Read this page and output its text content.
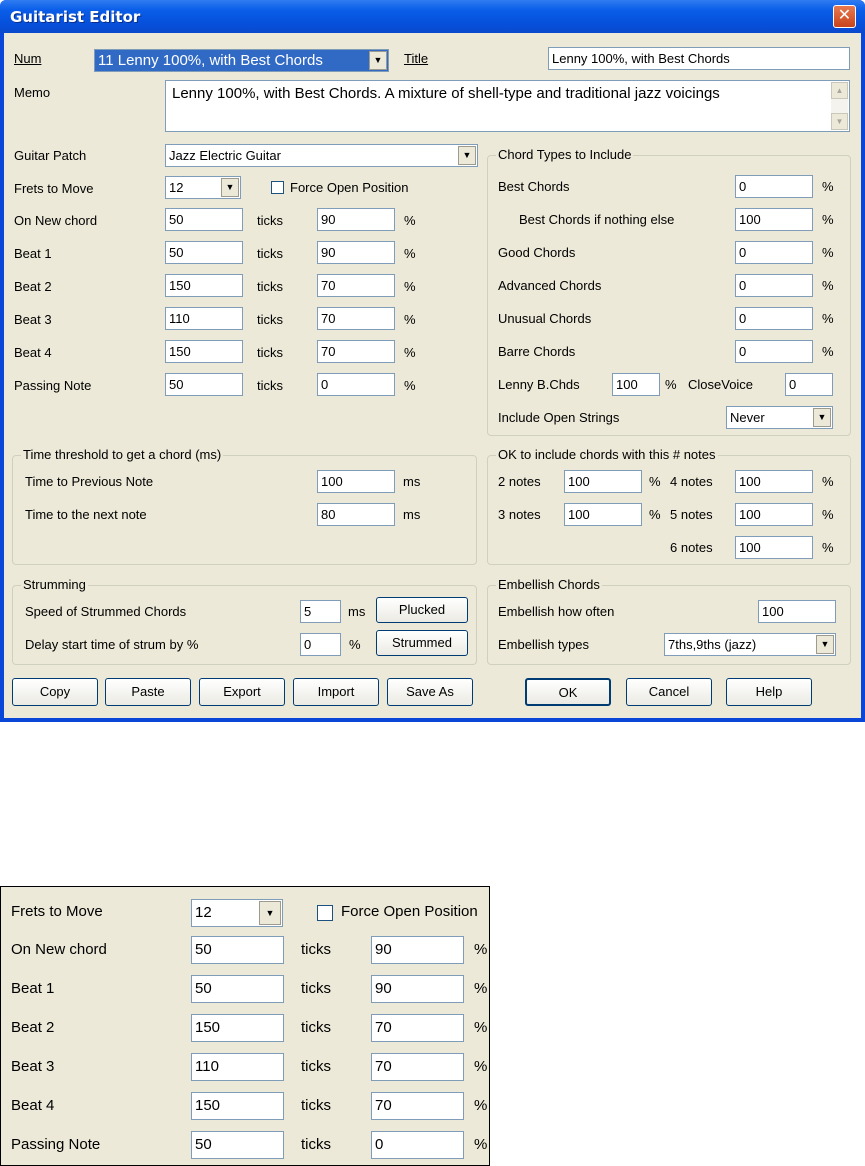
Guitarist Editor	✕
Num	11 Lenny 100%, with Best Chords	▼	Title	Lenny 100%, with Best Chords
Memo	Lenny 100%, with Best Chords. A mixture of shell-type and traditional jazz voicings	▲
▼
Guitar Patch	Jazz Electric Guitar	▼
Frets to Move	12	▼	Force Open Position
On New chord	50	ticks	90	%
Beat 1	50	ticks	90	%
Beat 2	150	ticks	70	%
Beat 3	110	ticks	70	%
Beat 4	150	ticks	70	%
Passing Note	50	ticks	0	%
Time threshold to get a chord (ms)
Time to Previous Note	100	ms
Time to the next note	80	ms
Strumming
Speed of Strummed Chords	5	ms	Plucked
Delay start time of strum by %	0	%	Strummed
Chord Types to Include
Best Chords	0	%
Best Chords if nothing else	100	%
Good Chords	0	%
Advanced Chords	0	%
Unusual Chords	0	%
Barre Chords	0	%
Lenny B.Chds	100	% CloseVoice	0
Include Open Strings	Never	▼
OK to include chords with this # notes
2 notes	100	% 4 notes	100	%
3 notes	100	% 5 notes	100	%
6 notes	100	%
Embellish Chords
Embellish how often	100
Embellish types	7ths,9ths (jazz)	▼
Copy	Paste	Export	Import	Save As	OK	Cancel	Help
Frets to Move	12	▼	Force Open Position
On New chord	50	ticks	90	%
Beat 1	50	ticks	90	%
Beat 2	150	ticks	70	%
Beat 3	110	ticks	70	%
Beat 4	150	ticks	70	%
Passing Note	50	ticks	0	%
